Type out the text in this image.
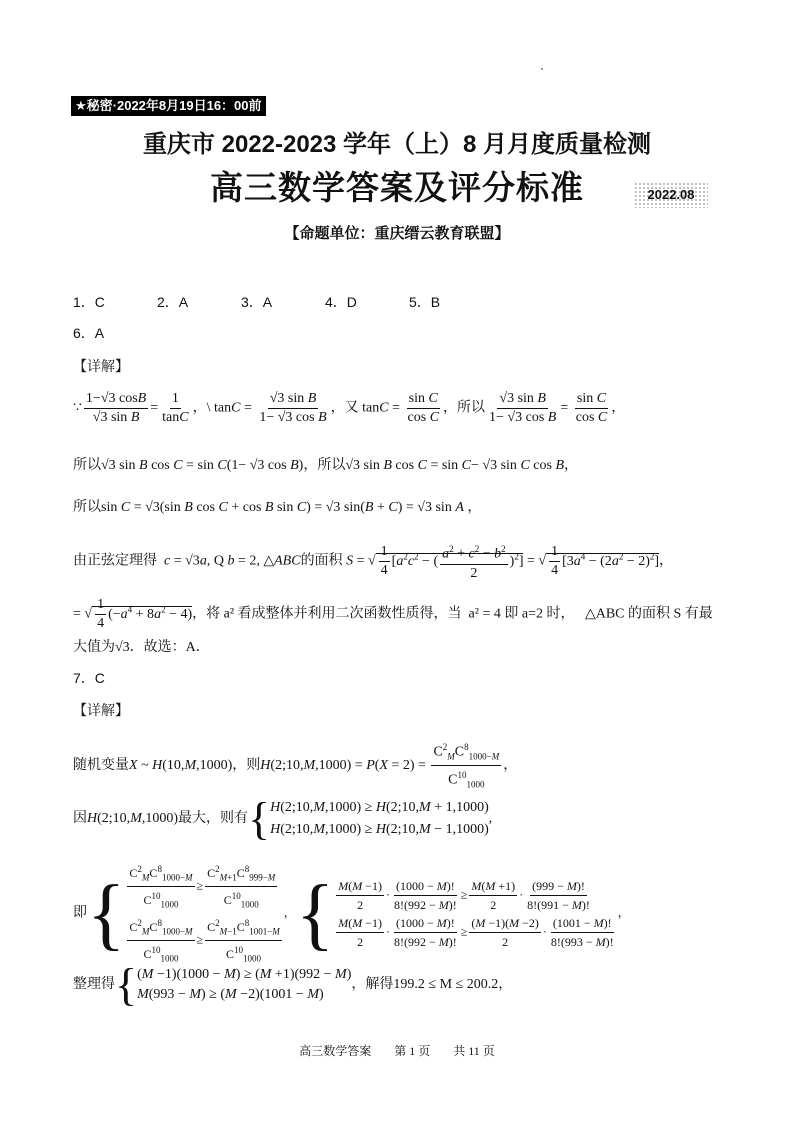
★秘密·2022年8月19日16：00前
重庆市 2022-2023 学年（上）8 月月度质量检测
高三数学答案及评分标准	2022.08
【命题单位：重庆缙云教育联盟】
1．C	2．A	3．A	4．D	5．B
6．A
【详解】
∵ $\frac{1-√3 \cos B}{\text{√3 sin B}} = \frac{1}{\tan C}$ ，\ $\tan C = \frac{\text{√3 sin B}}{\text{1− √3 cos B}}$ ，又 $\tan C = \frac{\text{sin C}}{\text{cos C}}$ ，所以 $\frac{\text{√3 sin B}}{\text{1− √3 cos B}} = \frac{\text{sin C}}{\text{cos C}}$ ，
所以√3 sin B cos C = sin C(1− √3 cos B)，所以√3 sin B cos C = sin C− √3 sin C cos B，
所以sin C = √3(sin B cos C + cos B sin C) = √3 sin(B + C) = √3 sin A ，
由正弦定理得 c = √3a, Q b = 2, △ABC的面积 S = √ $\frac{1}{4} [a^2c^2$ − ( $\frac{a^2 + c^2 - b^2}{2} )^2$] = √ $\frac{1}{4} [3a^4 - (2a^2 - 2)^2]$，
= √ $\frac{1}{4} (-a^4 + 8a^2 - 4)$，将 a² 看成整体并利用二次函数性质得，当 a² = 4 即 a=2 时， △ABC 的面积 S 有最
大值为√3．故选：A．
7．C
【详解】
随机变量X ~ H(10,M,1000)，则H(2;10,M,1000) = $P(X = 2) = \frac{C^2_MC^8_{1000-M}}{C^{10}_{1000}}$ ，
因H(2;10,M,1000)最大，则有{H(2;10,M,1000) ≥ H(2;10,M + 1,1000)
H(2;10,M,1000) ≥ H(2;10,M − 1,1000),
即{ $\frac{C^2_MC^8_{1000-M}}{C^{10}_{1000}} \ge \frac{C^2_{M+1}C^8_{999-M}}{C^{10}_{1000}}$

$\frac{C^2_MC^8_{1000-M}}{C^{10}_{1000}} \ge \frac{C^2_{M-1}C^8_{1001-M}}{C^{10}_{1000}}$
，{ $\frac{M(M -1)}{2} \cdot \frac{(1000 - M)!}{8!(992 - M)!} \ge \frac{M(M +1)}{2} \cdot \frac{(999 - M)!}{8!(991 - M)!}$

$\frac{M(M -1)}{2} \cdot \frac{(1000 - M)!}{8!(992 - M)!} \ge \frac{(M -1)(M -2)}{2} \cdot \frac{(1001 - M)!}{8!(993 - M)!}$
，
整理得{(M −1)(1000 − M) ≥ (M +1)(992 − M)
M(993 − M) ≥ (M −2)(1001 − M)，解得199.2 ≤ M ≤ 200.2，
高三数学答案 第 1 页 共 11 页
